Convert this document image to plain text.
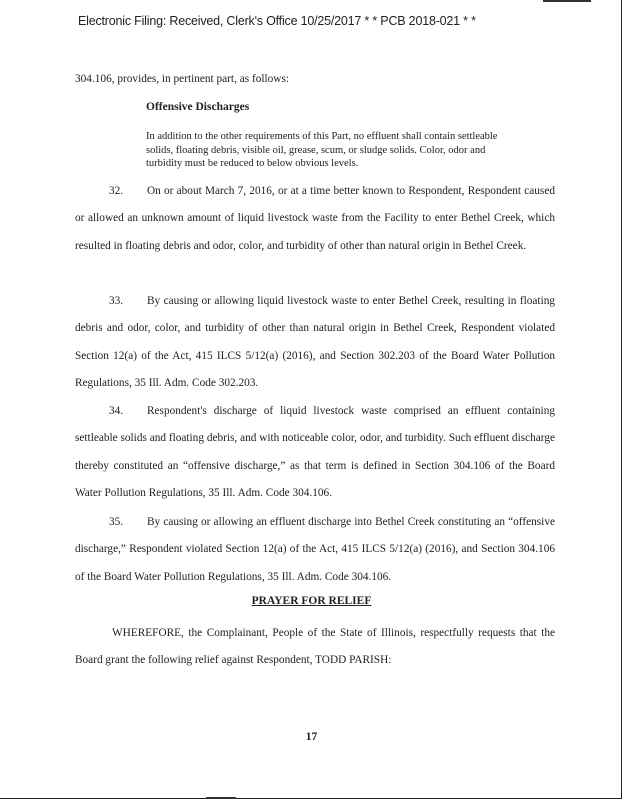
Electronic Filing: Received, Clerk's Office 10/25/2017 * * PCB 2018-021 * *
304.106, provides, in pertinent part, as follows:
Offensive Discharges
In addition to the other requirements of this Part, no effluent shall contain settleable solids, floating debris, visible oil, grease, scum, or sludge solids. Color, odor and turbidity must be reduced to below obvious levels.
32. On or about March 7, 2016, or at a time better known to Respondent, Respondent caused or allowed an unknown amount of liquid livestock waste from the Facility to enter Bethel Creek, which resulted in floating debris and odor, color, and turbidity of other than natural origin in Bethel Creek.
33. By causing or allowing liquid livestock waste to enter Bethel Creek, resulting in floating debris and odor, color, and turbidity of other than natural origin in Bethel Creek, Respondent violated Section 12(a) of the Act, 415 ILCS 5/12(a) (2016), and Section 302.203 of the Board Water Pollution Regulations, 35 Ill. Adm. Code 302.203.
34. Respondent's discharge of liquid livestock waste comprised an effluent containing settleable solids and floating debris, and with noticeable color, odor, and turbidity. Such effluent discharge thereby constituted an “offensive discharge,” as that term is defined in Section 304.106 of the Board Water Pollution Regulations, 35 Ill. Adm. Code 304.106.
35. By causing or allowing an effluent discharge into Bethel Creek constituting an “offensive discharge,” Respondent violated Section 12(a) of the Act, 415 ILCS 5/12(a) (2016), and Section 304.106 of the Board Water Pollution Regulations, 35 Ill. Adm. Code 304.106.
PRAYER FOR RELIEF
WHEREFORE, the Complainant, People of the State of Illinois, respectfully requests that the Board grant the following relief against Respondent, TODD PARISH:
17
